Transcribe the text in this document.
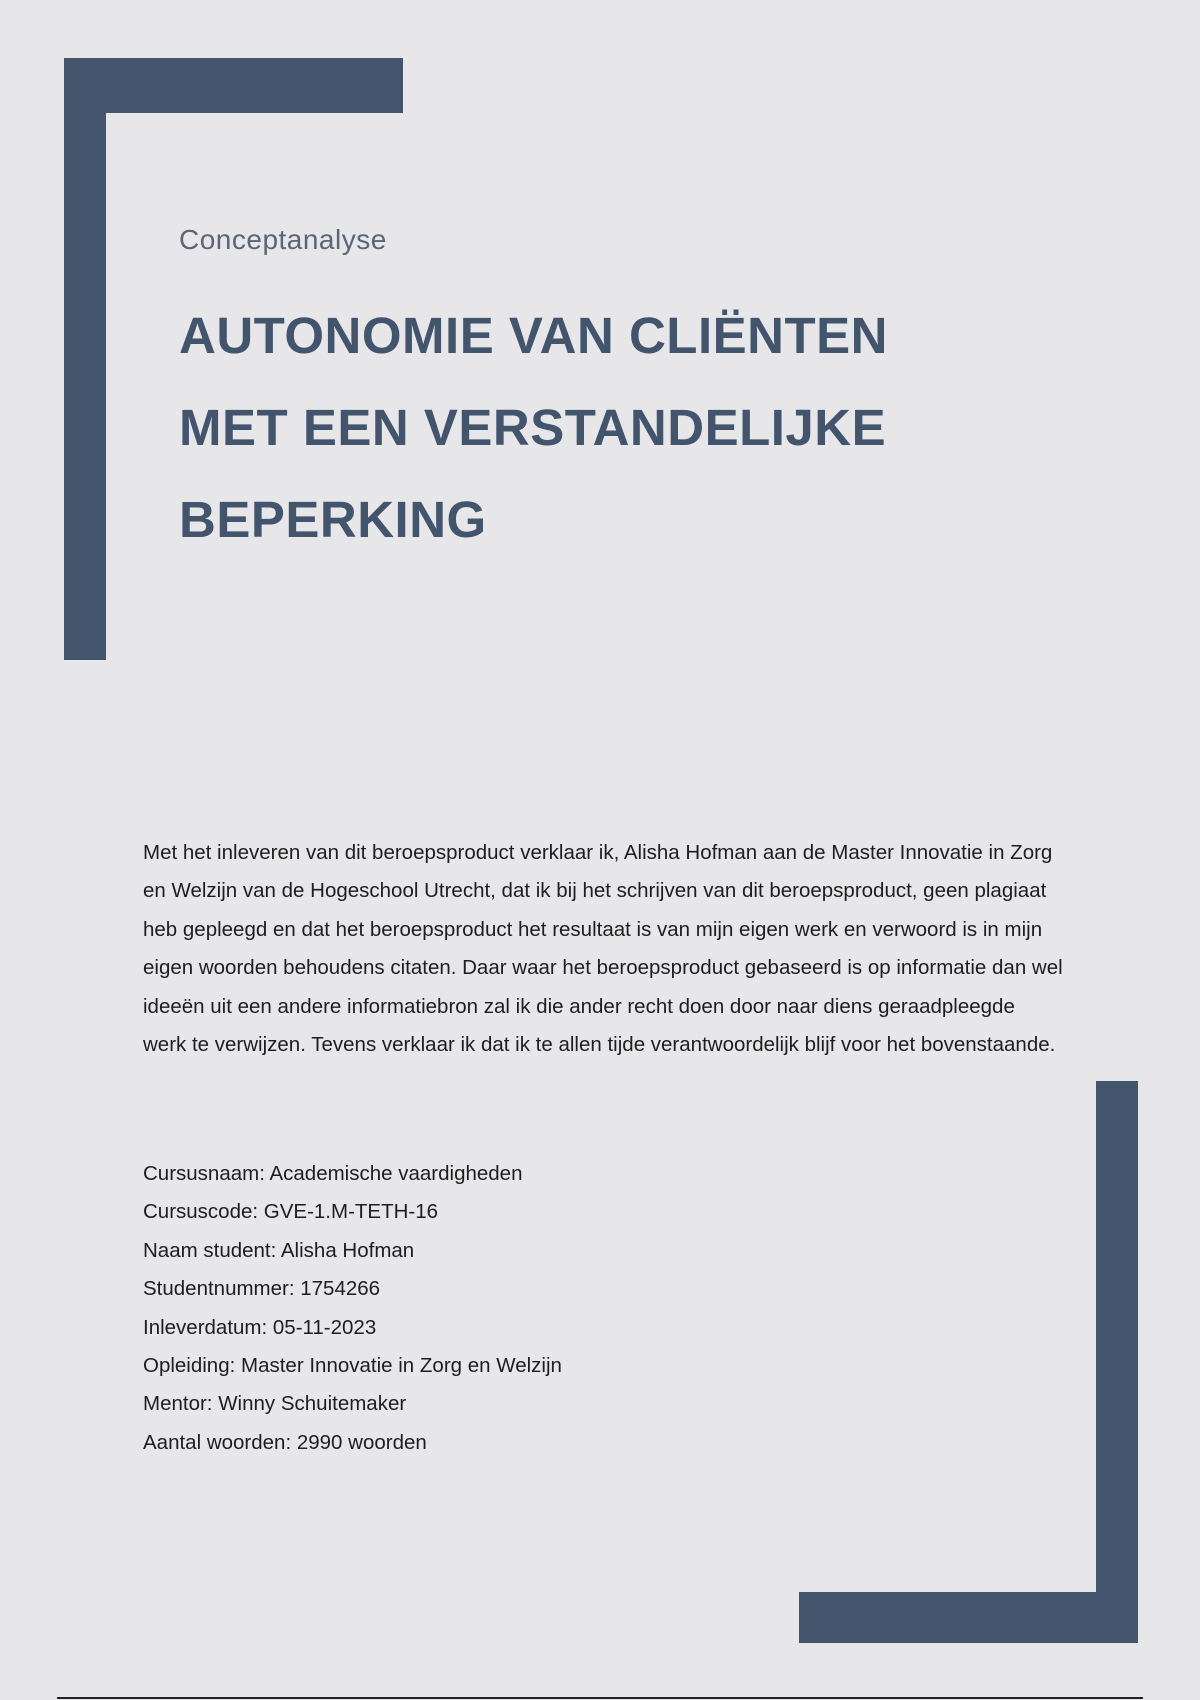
Conceptanalyse
AUTONOMIE VAN CLIËNTEN
MET EEN VERSTANDELIJKE
BEPERKING

Met het inleveren van dit beroepsproduct verklaar ik, Alisha Hofman aan de Master Innovatie in Zorg en Welzijn van de Hogeschool Utrecht, dat ik bij het schrijven van dit beroepsproduct, geen plagiaat heb gepleegd en dat het beroepsproduct het resultaat is van mijn eigen werk en verwoord is in mijn eigen woorden behoudens citaten. Daar waar het beroepsproduct gebaseerd is op informatie dan wel ideeën uit een andere informatiebron zal ik die ander recht doen door naar diens geraadpleegde werk te verwijzen. Tevens verklaar ik dat ik te allen tijde verantwoordelijk blijf voor het bovenstaande.

Cursusnaam: Academische vaardigheden
Cursuscode: GVE-1.M-TETH-16
Naam student: Alisha Hofman
Studentnummer: 1754266
Inleverdatum: 05-11-2023
Opleiding: Master Innovatie in Zorg en Welzijn
Mentor: Winny Schuitemaker
Aantal woorden: 2990 woorden
